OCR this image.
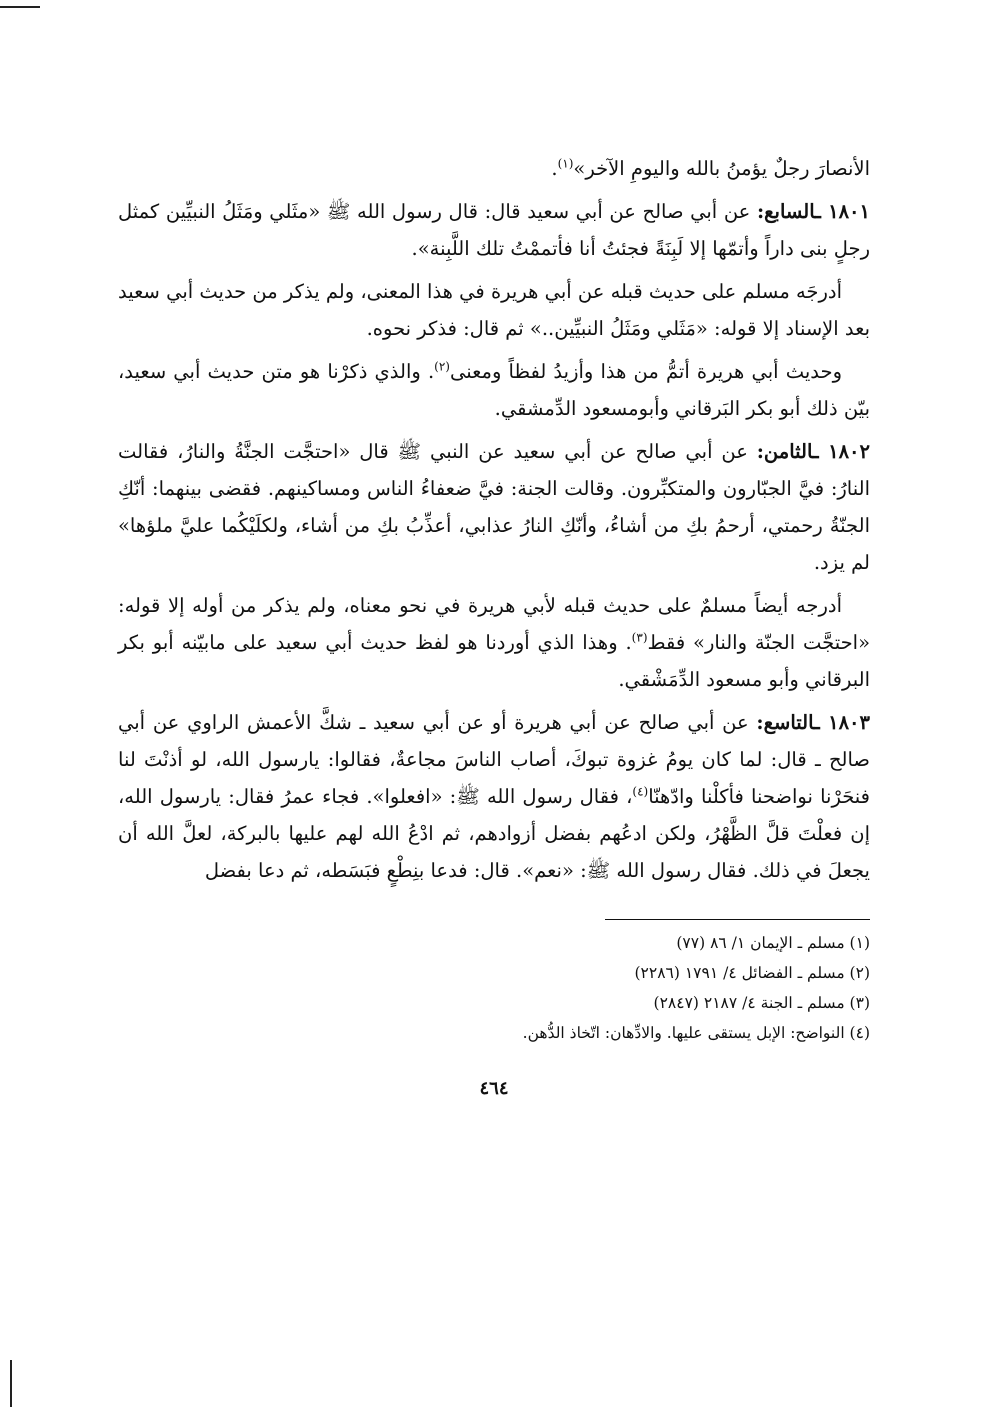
الأنصارَ رجلٌ يؤمنُ بالله واليومِ الآخر»$^{(١)}$.

١٨٠١ ـالسابع: عن أبي صالح عن أبي سعيد قال: قال رسول الله ﷺ «مثَلي ومَثَلُ النبيِّين كمثل رجلٍ بنى داراً وأتمّها إلا لَبِنَةً فجئتُ أنا فأتممْتُ تلك اللَّبِنة».

أدرجَه مسلم على حديث قبله عن أبي هريرة في هذا المعنى، ولم يذكر من حديث أبي سعيد بعد الإسناد إلا قوله: «مَثَلي ومَثَلُ النبيِّين..» ثم قال: فذكر نحوه.

وحديث أبي هريرة أتمُّ من هذا وأزيدُ لفظاً ومعنى$^{(٢)}$. والذي ذكرْنا هو متن حديث أبي سعيد، بيّن ذلك أبو بكر البَرقاني وأبومسعود الدِّمشقي.

١٨٠٢ ـالثامن: عن أبي صالح عن أبي سعيد عن النبي ﷺ قال «احتجَّت الجنَّةُ والنارُ، فقالت النارُ: فيَّ الجبّارون والمتكبِّرون. وقالت الجنة: فيَّ ضعفاءُ الناس ومساكينهم. فقضى بينهما: أنّكِ الجنّةُ رحمتي، أرحمُ بكِ من أشاءُ، وأنّكِ النارُ عذابي، أعذِّبُ بكِ من أشاء، ولكلَيْكُما عليَّ ملؤها» لم يزد.

أدرجه أيضاً مسلمٌ على حديث قبله لأبي هريرة في نحو معناه، ولم يذكر من أوله إلا قوله: «احتجَّت الجنّة والنار» فقط$^{(٣)}$. وهذا الذي أوردنا هو لفظ حديث أبي سعيد على مابيّنه أبو بكر البرقاني وأبو مسعود الدِّمَشْقي.

١٨٠٣ ـالتاسع: عن أبي صالح عن أبي هريرة أو عن أبي سعيد ـ شكَّ الأعمش الراوي عن أبي صالح ـ قال: لما كان يومُ غزوة تبوكَ، أصاب الناسَ مجاعةٌ، فقالوا: يارسول الله، لو أذنْتَ لنا فنحَرْنا نواضحنا فأكلْنا وادّهنّا$^{(٤)}$، فقال رسول الله ﷺ: «افعلوا». فجاء عمرُ فقال: يارسول الله، إن فعلْتَ قلَّ الظَّهْرُ، ولكن ادعُهم بفضل أزوادهم، ثم ادْعُ الله لهم عليها بالبركة، لعلَّ الله أن يجعلَ في ذلك. فقال رسول الله ﷺ: «نعم». قال: فدعا بنِطْعٍ فبَسَطه، ثم دعا بفضل

(١) مسلم ـ الإيمان ١/ ٨٦ (٧٧)

(٢) مسلم ـ الفضائل ٤/ ١٧٩١ (٢٢٨٦)

(٣) مسلم ـ الجنة ٤/ ٢١٨٧ (٢٨٤٧)

(٤) النواضح: الإبل يستقى عليها. والادِّهان: اتّخاذ الدُّهن.

٤٦٤
